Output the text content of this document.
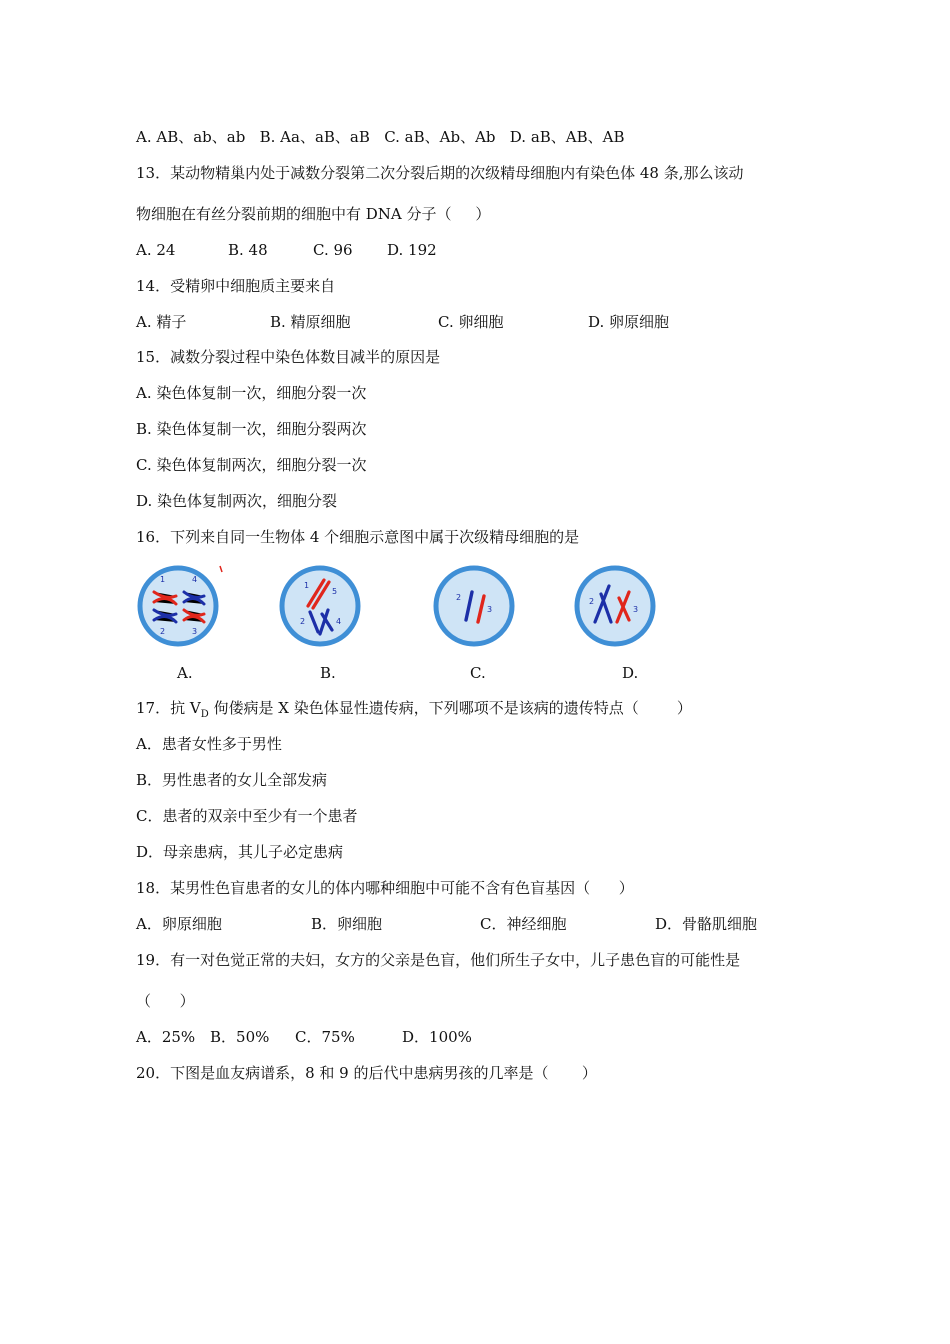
A. AB、ab、ab   B. Aa、aB、aB   C. aB、Ab、Ab   D. aB、AB、AB
13．某动物精巢内处于减数分裂第二次分裂后期的次级精母细胞内有染色体 48 条,那么该动
物细胞在有丝分裂前期的细胞中有 DNA 分子（     ）
A. 24	B. 48	C. 96 D. 192
14．受精卵中细胞质主要来自
A. 精子	B. 精原细胞	C. 卵细胞	D. 卵原细胞
15．减数分裂过程中染色体数目减半的原因是
A. 染色体复制一次，细胞分裂一次
B. 染色体复制一次，细胞分裂两次
C. 染色体复制两次，细胞分裂一次
D. 染色体复制两次，细胞分裂
16．下列来自同一生物体 4 个细胞示意图中属于次级精母细胞的是
1	4
2	3
1
5
2	4
2
3
2
3
A.	B.	C.	D.
17．抗 $V_D$ 佝偻病是 X 染色体显性遗传病，下列哪项不是该病的遗传特点（        ）
A．患者女性多于男性
B．男性患者的女儿全部发病
C．患者的双亲中至少有一个患者
D．母亲患病，其儿子必定患病
18．某男性色盲患者的女儿的体内哪种细胞中可能不含有色盲基因（      ）
A．卵原细胞	B．卵细胞	C．神经细胞	D．骨骼肌细胞
19．有一对色觉正常的夫妇，女方的父亲是色盲，他们所生子女中，儿子患色盲的可能性是
（      ）
A．25% B．50% C．75%	D．100%
20．下图是血友病谱系，8 和 9 的后代中患病男孩的几率是（       ）
